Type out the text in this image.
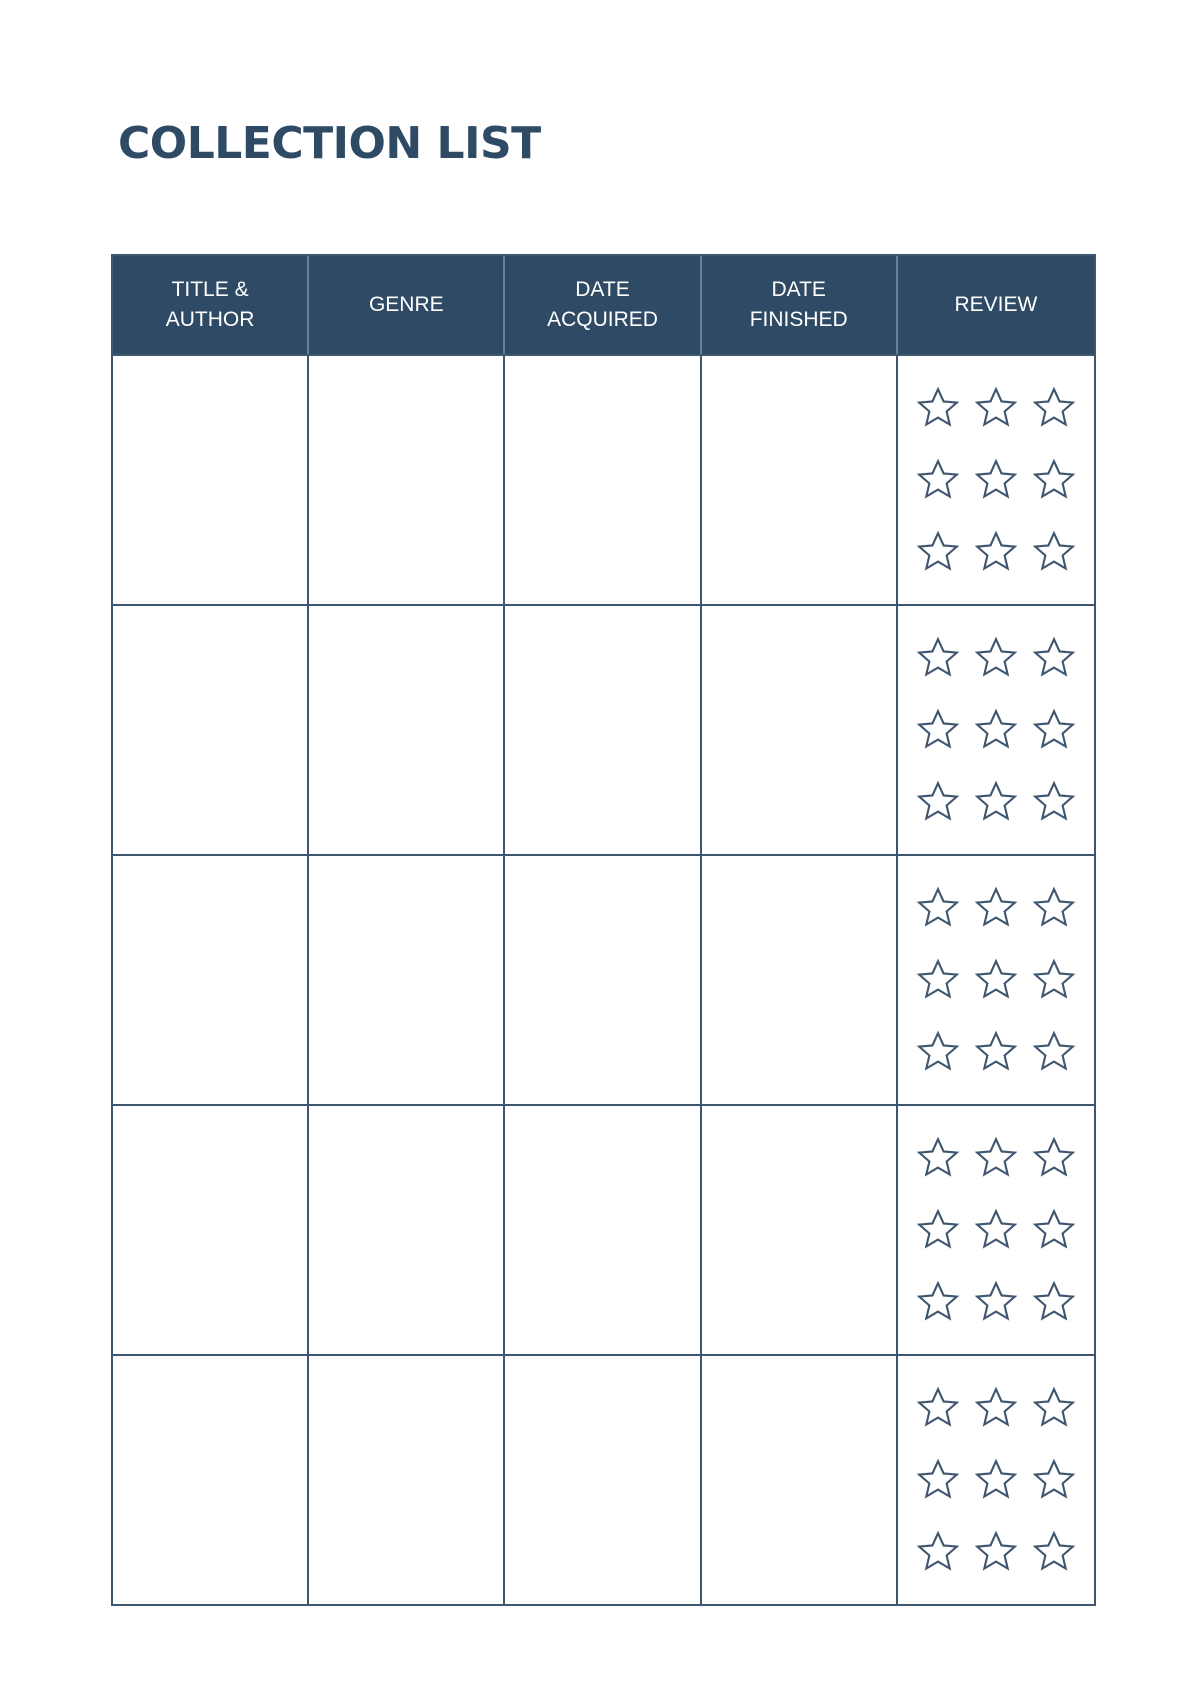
COLLECTION LIST
TITLE &
AUTHOR
GENRE
DATE
ACQUIRED
DATE
FINISHED
REVIEW
